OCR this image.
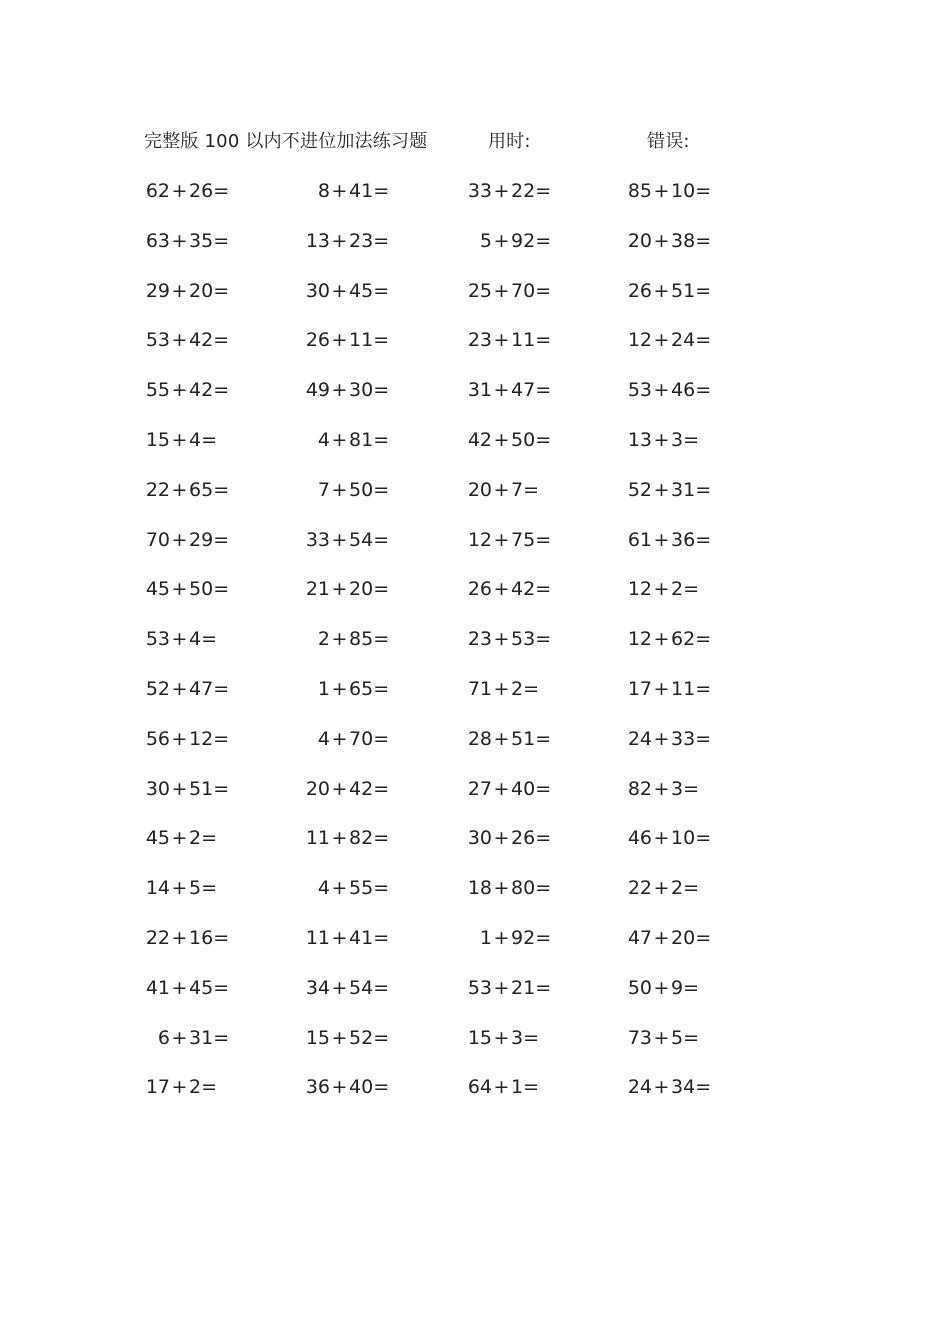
完整版 100 以内不进位加法练习题	用时:	错误:
62+26=	8+41=	33+22=	85+10=
63+35=	13+23=	5+92=	20+38=
29+20=	30+45=	25+70=	26+51=
53+42=	26+11=	23+11=	12+24=
55+42=	49+30=	31+47=	53+46=
15+4=	4+81=	42+50=	13+3=
22+65=	7+50=	20+7=	52+31=
70+29=	33+54=	12+75=	61+36=
45+50=	21+20=	26+42=	12+2=
53+4=	2+85=	23+53=	12+62=
52+47=	1+65=	71+2=	17+11=
56+12=	4+70=	28+51=	24+33=
30+51=	20+42=	27+40=	82+3=
45+2=	11+82=	30+26=	46+10=
14+5=	4+55=	18+80=	22+2=
22+16=	11+41=	1+92=	47+20=
41+45=	34+54=	53+21=	50+9=
6+31=	15+52=	15+3=	73+5=
17+2=	36+40=	64+1=	24+34=
